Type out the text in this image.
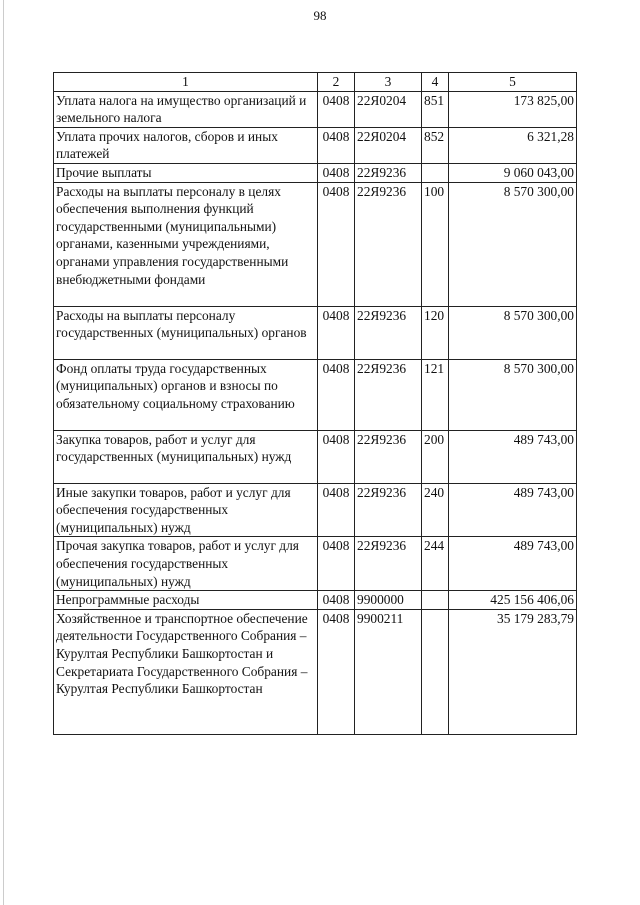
98
1	2	3	4	5
Уплата налога на имущество организаций и земельного налога	0408	22Я0204	851	173 825,00
Уплата прочих налогов, сборов и иных платежей	0408	22Я0204	852	6 321,28
Прочие выплаты	0408	22Я9236		9 060 043,00
Расходы на выплаты персоналу в целях обеспечения выполнения функций государственными (муниципальными) органами, казенными учреждениями, органами управления государственными внебюджетными фондами	0408	22Я9236	100	8 570 300,00
Расходы на выплаты персоналу государственных (муниципальных) органов	0408	22Я9236	120	8 570 300,00
Фонд оплаты труда государственных (муниципальных) органов и взносы по обязательному социальному страхованию	0408	22Я9236	121	8 570 300,00
Закупка товаров, работ и услуг для государственных (муниципальных) нужд	0408	22Я9236	200	489 743,00
Иные закупки товаров, работ и услуг для обеспечения государственных (муниципальных) нужд	0408	22Я9236	240	489 743,00
Прочая закупка товаров, работ и услуг для обеспечения государственных (муниципальных) нужд	0408	22Я9236	244	489 743,00
Непрограммные расходы	0408	9900000		425 156 406,06
Хозяйственное и транспортное обеспечение деятельности Государственного Собрания – Курултая Республики Башкортостан и Секретариата Государственного Собрания – Курултая Республики Башкортостан	0408	9900211		35 179 283,79
